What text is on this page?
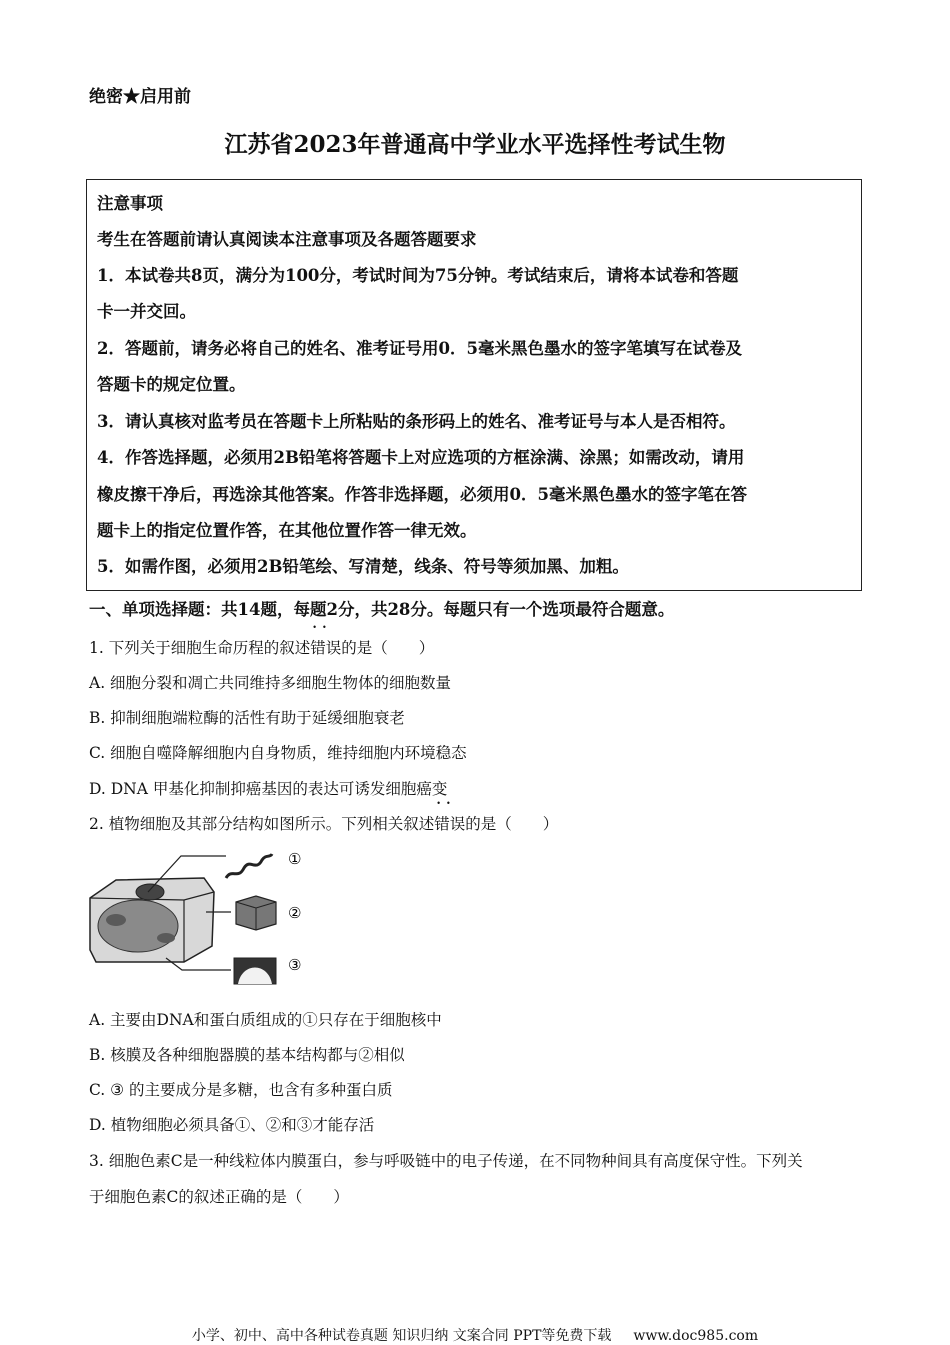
绝密★启用前
江苏省2023年普通高中学业水平选择性考试生物
注意事项
考生在答题前请认真阅读本注意事项及各题答题要求
1．本试卷共8页，满分为100分，考试时间为75分钟。考试结束后，请将本试卷和答题
卡一并交回。
2．答题前，请务必将自己的姓名、准考证号用0．5毫米黑色墨水的签字笔填写在试卷及
答题卡的规定位置。
3．请认真核对监考员在答题卡上所粘贴的条形码上的姓名、准考证号与本人是否相符。
4．作答选择题，必须用2B铅笔将答题卡上对应选项的方框涂满、涂黑；如需改动，请用
橡皮擦干净后，再选涂其他答案。作答非选择题，必须用0．5毫米黑色墨水的签字笔在答
题卡上的指定位置作答，在其他位置作答一律无效。
5．如需作图，必须用2B铅笔绘、写清楚，线条、符号等须加黑、加粗。
一、单项选择题：共14题，每题2分，共28分。每题只有一个选项最符合题意。
1. 下列关于细胞生命历程的叙述•  • 错误的是（　　）
A. 细胞分裂和凋亡共同维持多细胞生物体的细胞数量
B. 抑制细胞端粒酶的活性有助于延缓细胞衰老
C. 细胞自噬降解细胞内自身物质，维持细胞内环境稳态
D. DNA 甲基化抑制抑癌基因的表达可诱发细胞癌变
2. 植物细胞及其部分结构如图所示。下列相关叙述•  • 错误的是（　　）
①
②
③
A. 主要由DNA和蛋白质组成的①只存在于细胞核中
B. 核膜及各种细胞器膜的基本结构都与②相似
C. ③ 的主要成分是多糖，也含有多种蛋白质
D. 植物细胞必须具备①、②和③才能存活
3. 细胞色素C是一种线粒体内膜蛋白，参与呼吸链中的电子传递，在不同物种间具有高度保守性。下列关
于细胞色素C的叙述正确的是（　　）
小学、初中、高中各种试卷真题 知识归纳 文案合同 PPT等免费下载 www.doc985.com
